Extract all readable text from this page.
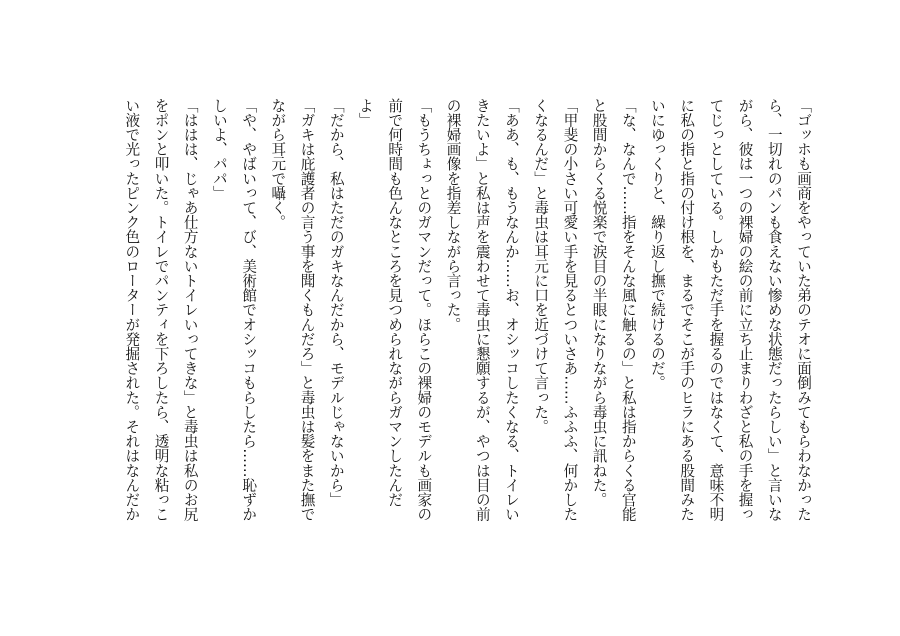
「ゴッホも画商をやっていた弟のテオに面倒みてもらわなかった
ら、一切れのパンも食えない惨めな状態だったらしい」と言いな
がら、彼は一つの裸婦の絵の前に立ち止まりわざと私の手を握っ
てじっとしている。しかもただ手を握るのではなくて、意味不明
に私の指と指の付け根を、まるでそこが手のヒラにある股間みた
いにゆっくりと、繰り返し撫で続けるのだ。
「な、なんで……指をそんな風に触るの」と私は指からくる官能
と股間からくる悦楽で涙目の半眼になりながら毒虫に訊ねた。
「甲斐の小さい可愛い手を見るとついさあ……ふふふ、何かした
くなるんだ」と毒虫は耳元に口を近づけて言った。
「ああ、も、もうなんか……お、オシッコしたくなる、トイレい
きたいよ」と私は声を震わせて毒虫に懇願するが、やつは目の前
の裸婦画像を指差しながら言った。
「もうちょっとのガマンだって。ほらこの裸婦のモデルも画家の
前で何時間も色んなところを見つめられながらガマンしたんだ
よ」
「だから、私はただのガキなんだから、モデルじゃないから」
「ガキは庇護者の言う事を聞くもんだろ」と毒虫は髪をまた撫で
ながら耳元で囁く。
「や、やばいって、び、美術館でオシッコもらしたら……恥ずか
しいよ、パパ」
「ははは、じゃあ仕方ないトイレいってきな」と毒虫は私のお尻
をポンと叩いた。トイレでパンティを下ろしたら、透明な粘っこ
い液で光ったピンク色のローターが発掘された。それはなんだか
